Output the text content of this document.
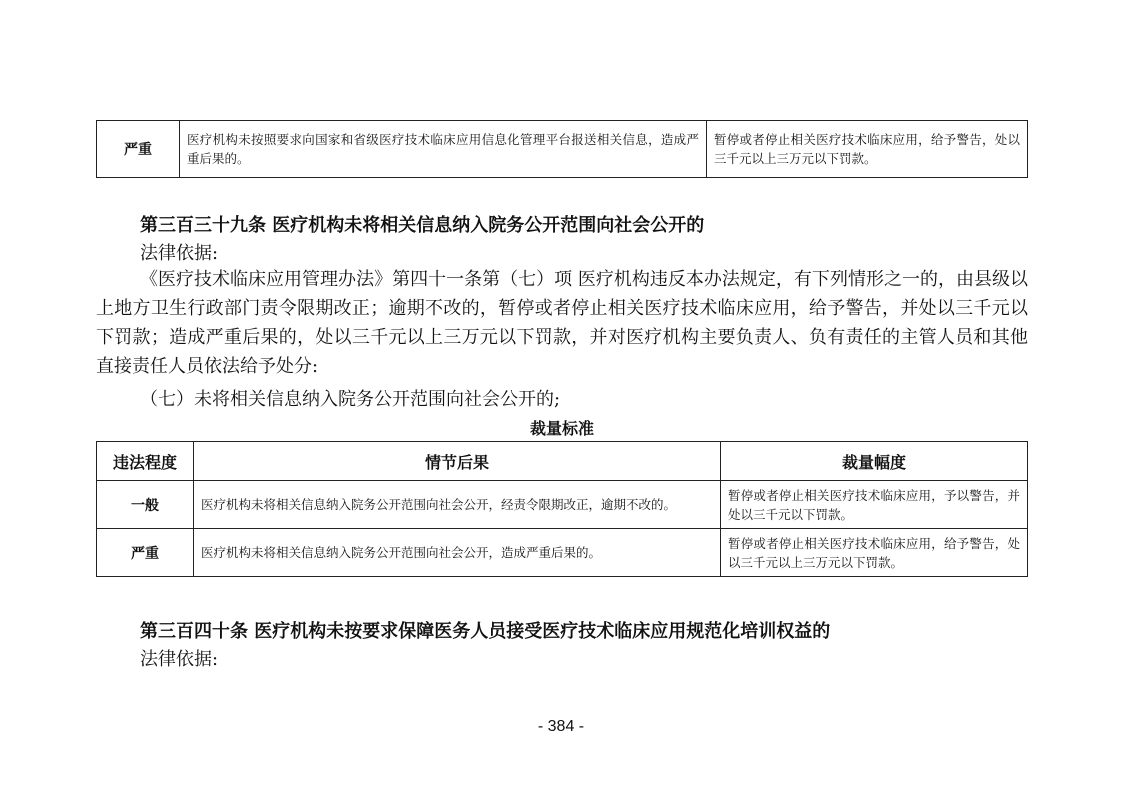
严重	医疗机构未按照要求向国家和省级医疗技术临床应用信息化管理平台报送相关信息，造成严重后果的。	暂停或者停止相关医疗技术临床应用，给予警告，处以三千元以上三万元以下罚款。
第三百三十九条 医疗机构未将相关信息纳入院务公开范围向社会公开的
法律依据:
《医疗技术临床应用管理办法》第四十一条第（七）项 医疗机构违反本办法规定，有下列情形之一的，由县级以上地方卫生行政部门责令限期改正；逾期不改的，暂停或者停止相关医疗技术临床应用，给予警告，并处以三千元以下罚款；造成严重后果的，处以三千元以上三万元以下罚款，并对医疗机构主要负责人、负有责任的主管人员和其他直接责任人员依法给予处分:
（七）未将相关信息纳入院务公开范围向社会公开的;
裁量标准
违法程度	情节后果	裁量幅度
一般	医疗机构未将相关信息纳入院务公开范围向社会公开，经责令限期改正，逾期不改的。	暂停或者停止相关医疗技术临床应用，予以警告，并处以三千元以下罚款。
严重	医疗机构未将相关信息纳入院务公开范围向社会公开，造成严重后果的。	暂停或者停止相关医疗技术临床应用，给予警告，处以三千元以上三万元以下罚款。
第三百四十条 医疗机构未按要求保障医务人员接受医疗技术临床应用规范化培训权益的
法律依据:
- 384 -
